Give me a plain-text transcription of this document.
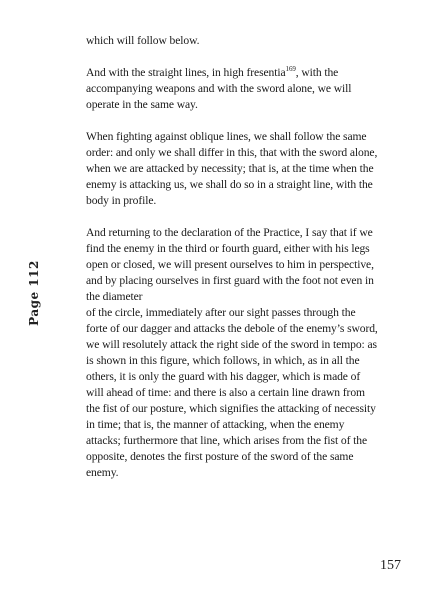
Page 112

which will follow below.

And with the straight lines, in high fresentia$^{169}$, with the accompanying weapons and with the sword alone, we will operate in the same way.

When fighting against oblique lines, we shall follow the same order: and only we shall differ in this, that with the sword alone, when we are attacked by necessity; that is, at the time when the enemy is attacking us, we shall do so in a straight line, with the body in profile.

And returning to the declaration of the Practice, I say that if we find the enemy in the third or fourth guard, either with his legs open or closed, we will present ourselves to him in perspective, and by placing ourselves in first guard with the foot not even in the diameter

of the circle, immediately after our sight passes through the forte of our dagger and attacks the debole of the enemy’s sword, we will resolutely attack the right side of the sword in tempo: as is shown in this figure, which follows, in which, as in all the others, it is only the guard with his dagger, which is made of will ahead of time: and there is also a certain line drawn from the fist of our posture, which signifies the attacking of necessity in time; that is, the manner of attacking, when the enemy attacks; furthermore that line, which arises from the fist of the opposite, denotes the first posture of the sword of the same enemy.

157
